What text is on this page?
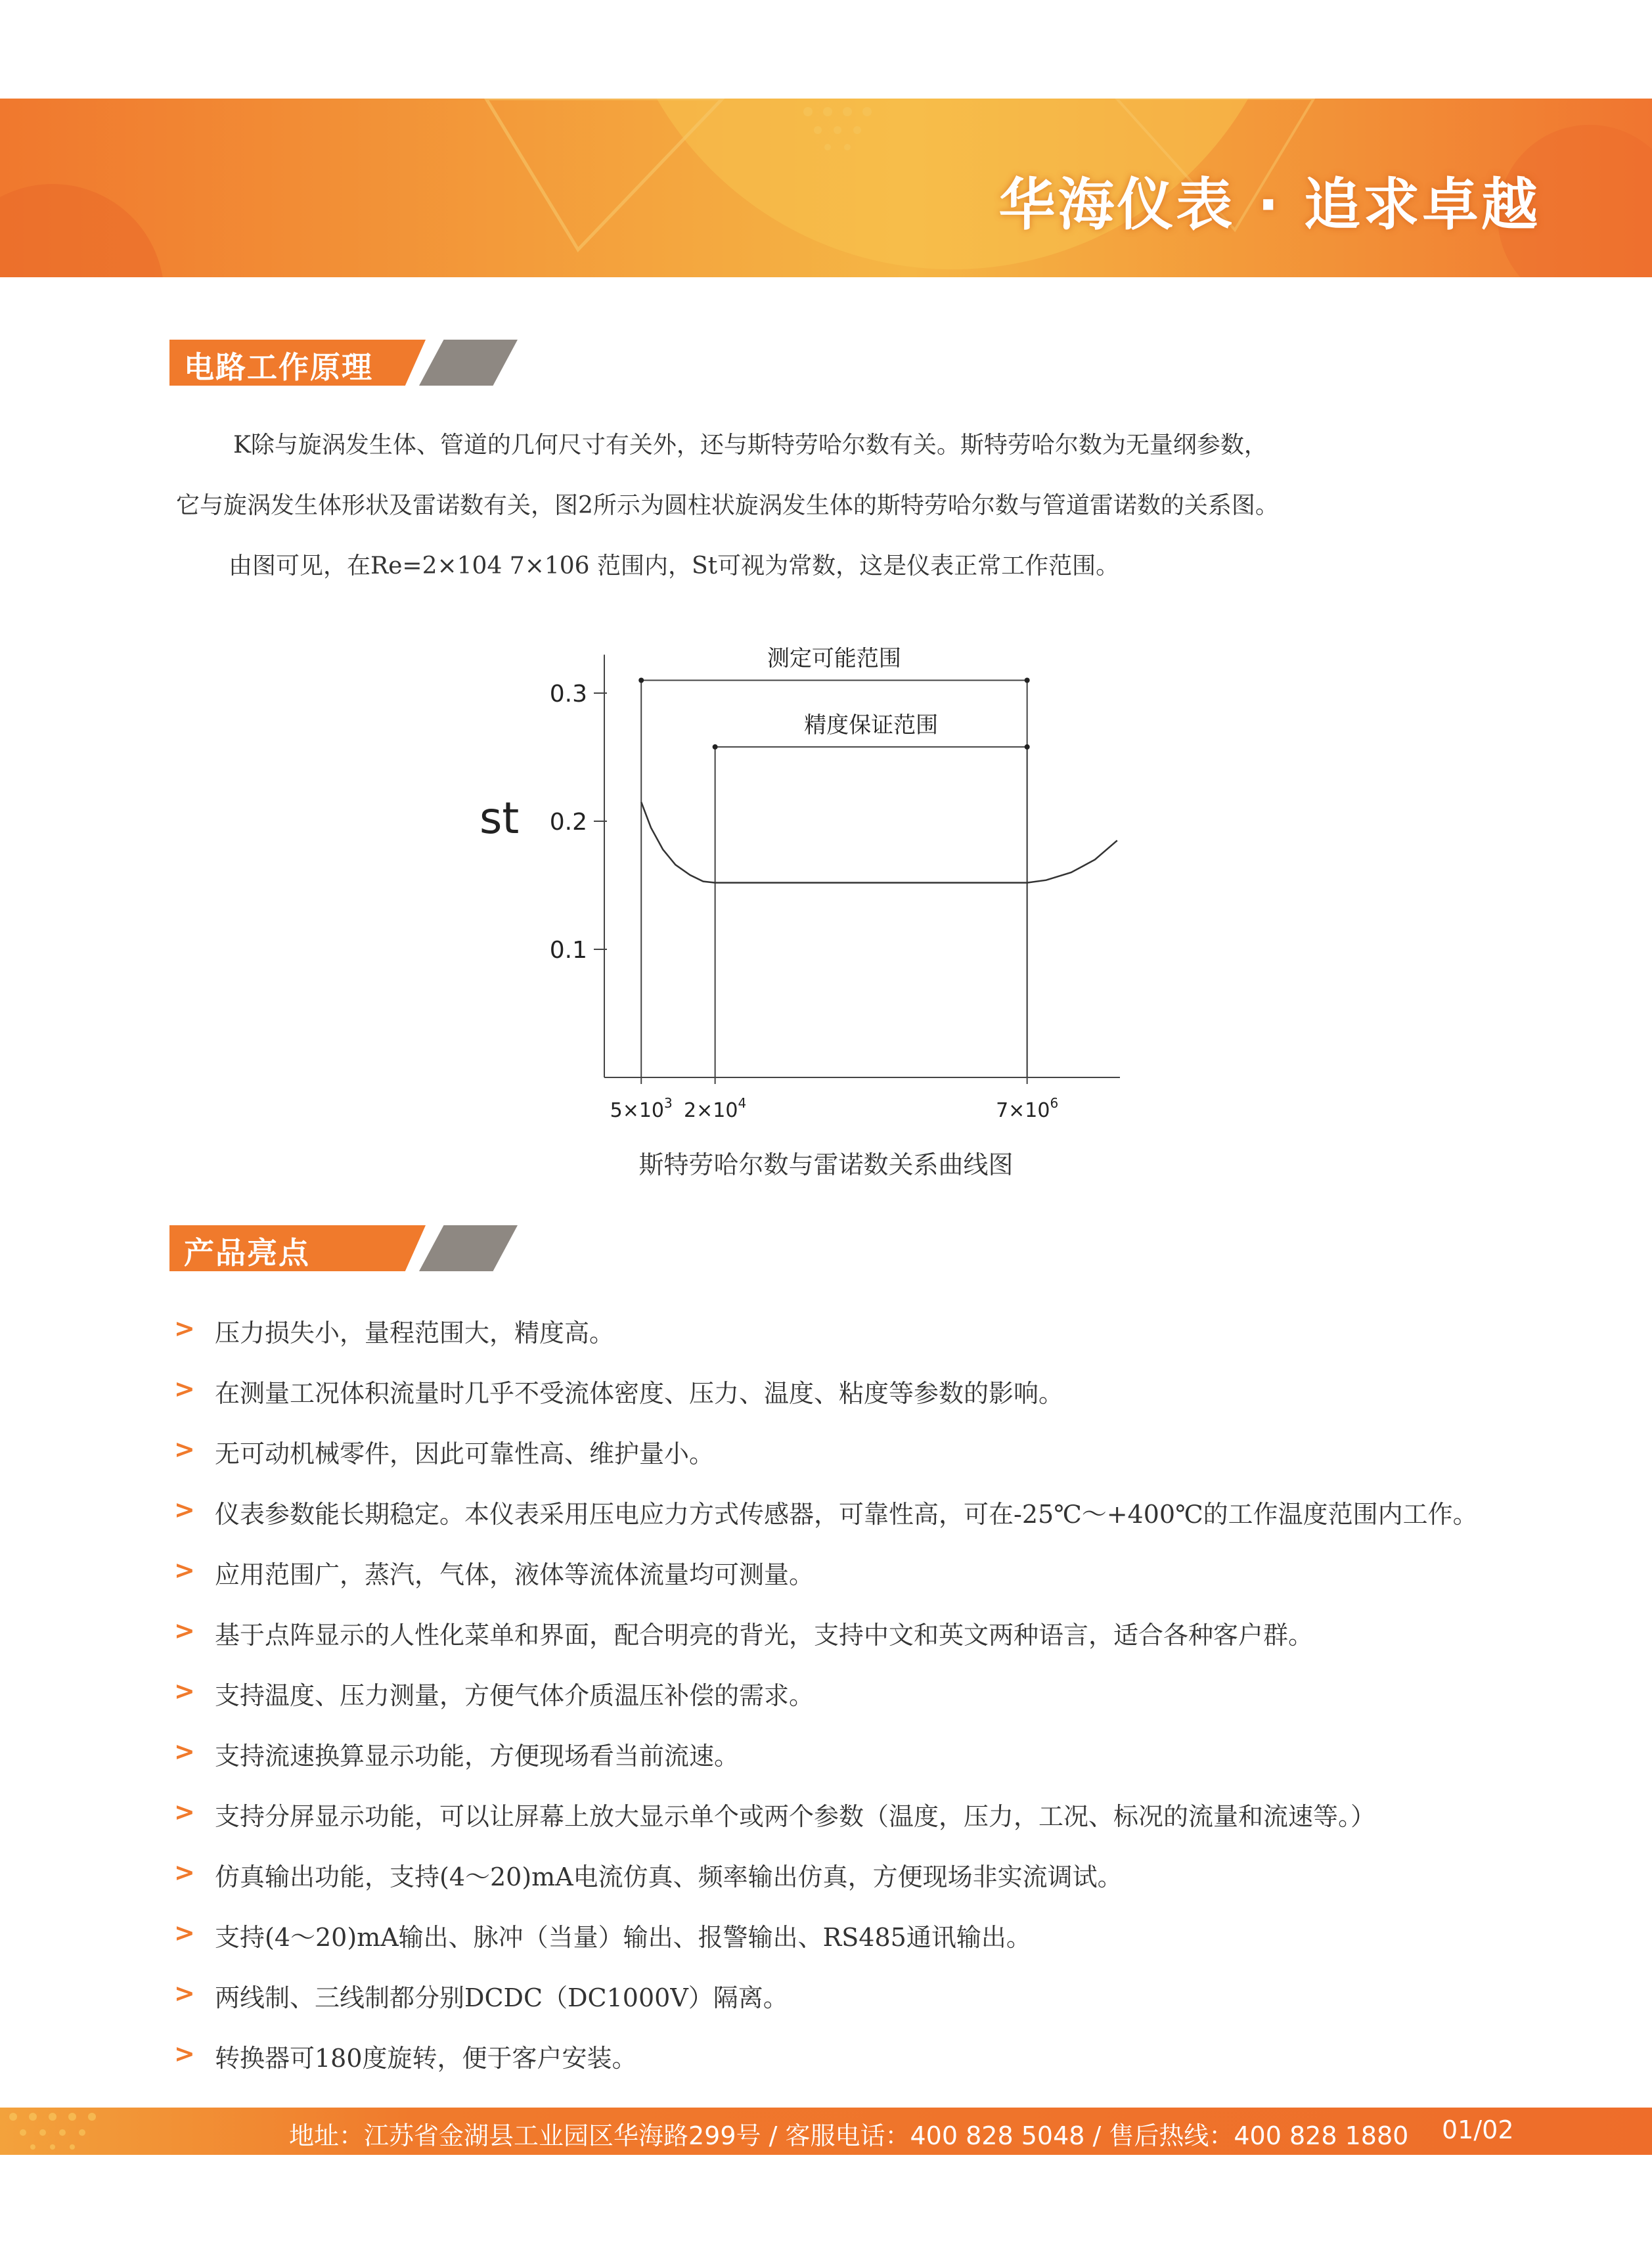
华海仪表 · 追求卓越
电路工作原理
K除与旋涡发生体、管道的几何尺寸有关外，还与斯特劳哈尔数有关。斯特劳哈尔数为无量纲参数，
它与旋涡发生体形状及雷诺数有关，图2所示为圆柱状旋涡发生体的斯特劳哈尔数与管道雷诺数的关系图。
由图可见，在Re=2×104 7×106 范围内，St可视为常数，这是仪表正常工作范围。
0.3
0.2
0.1
$5\times 10^3$ $2\times 10^4$	$7\times 10^6$
测定可能范围
精度保证范围
st
斯特劳哈尔数与雷诺数关系曲线图
产品亮点
> 压力损失小，量程范围大，精度高。
> 在测量工况体积流量时几乎不受流体密度、压力、温度、粘度等参数的影响。
> 无可动机械零件，因此可靠性高、维护量小。
> 仪表参数能长期稳定。本仪表采用压电应力方式传感器，可靠性高，可在-25℃～+400℃的工作温度范围内工作。
> 应用范围广，蒸汽，气体，液体等流体流量均可测量。
> 基于点阵显示的人性化菜单和界面，配合明亮的背光，支持中文和英文两种语言，适合各种客户群。
> 支持温度、压力测量，方便气体介质温压补偿的需求。
> 支持流速换算显示功能，方便现场看当前流速。
> 支持分屏显示功能，可以让屏幕上放大显示单个或两个参数（温度，压力，工况、标况的流量和流速等。）
> 仿真输出功能，支持(4～20)mA电流仿真、频率输出仿真，方便现场非实流调试。
> 支持(4～20)mA输出、脉冲（当量）输出、报警输出、RS485通讯输出。
> 两线制、三线制都分别DCDC（DC1000V）隔离。
> 转换器可180度旋转，便于客户安装。
地址：江苏省金湖县工业园区华海路299号 / 客服电话：400 828 5048 / 售后热线：400 828 1880 01/02
